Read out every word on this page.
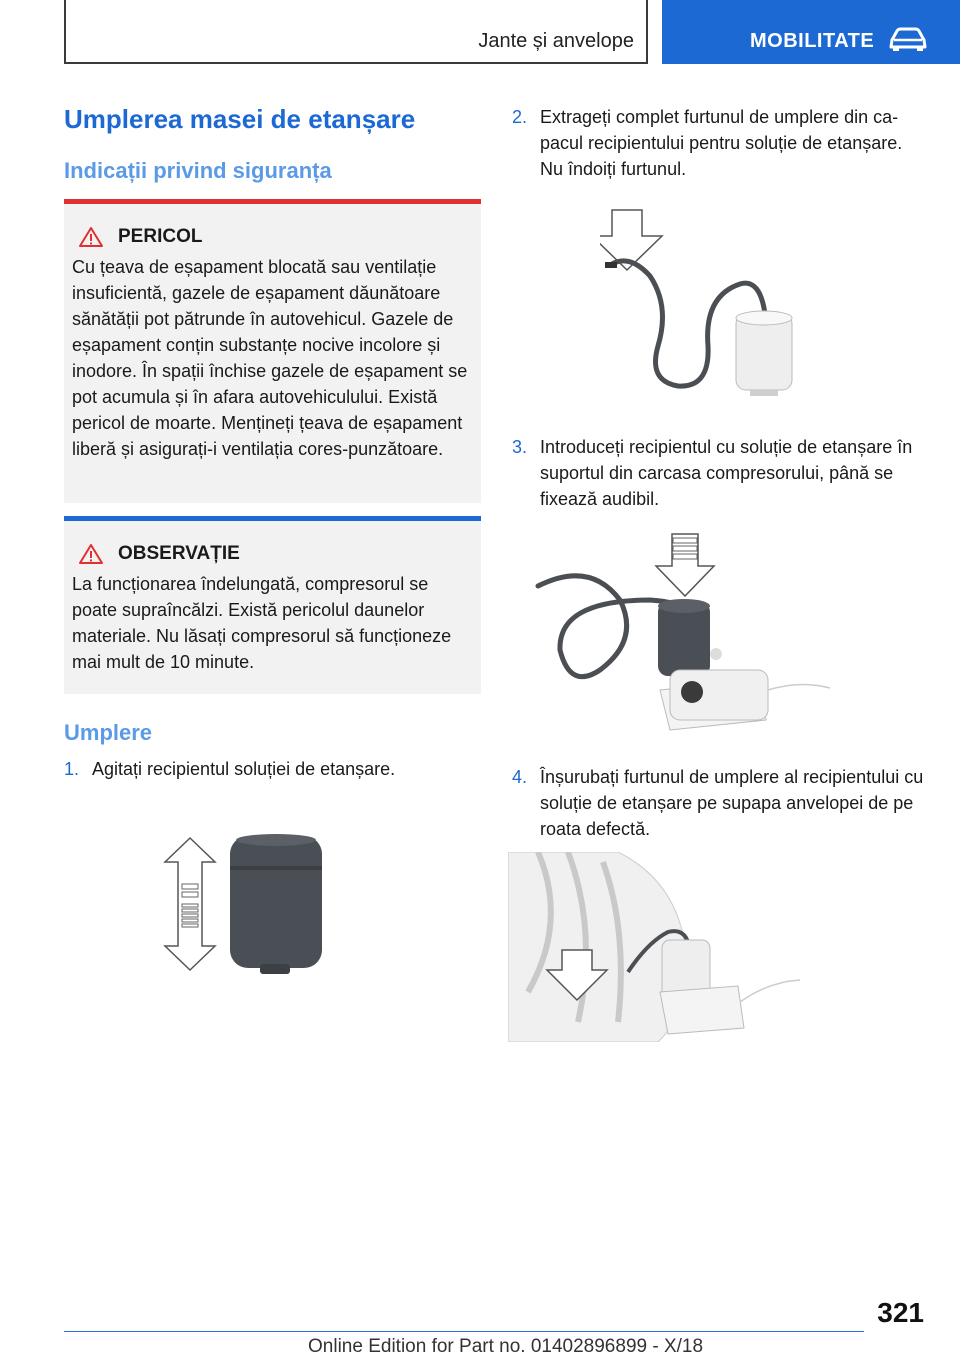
Jante și anvelope	MOBILITATE
Umplerea masei de etanșare
Indicații privind siguranța
PERICOL
Cu țeava de eșapament blocată sau ventilație insuficientă, gazele de eșapament dăunătoare sănătății pot pătrunde în autovehicul. Gazele de eșapament conțin substanțe nocive incolore și inodore. În spații închise gazele de eșapament se pot acumula și în afara autovehiculului. Există pericol de moarte. Mențineți țeava de eșapament liberă și asigurați-i ventilația cores-punzătoare.
OBSERVAȚIE
La funcționarea îndelungată, compresorul se poate supraîncălzi. Există pericolul daunelor materiale. Nu lăsați compresorul să funcționeze mai mult de 10 minute.
Umplere
1. Agitați recipientul soluției de etanșare.
2. Extrageți complet furtunul de umplere din ca-pacul recipientului pentru soluție de etanșare. Nu îndoiți furtunul.
3. Introduceți recipientul cu soluție de etanșare în suportul din carcasa compresorului, până se fixează audibil.
4. Înșurubați furtunul de umplere al recipientului cu soluție de etanșare pe supapa anvelopei de pe roata defectă.
321
Online Edition for Part no. 01402896899 - X/18
